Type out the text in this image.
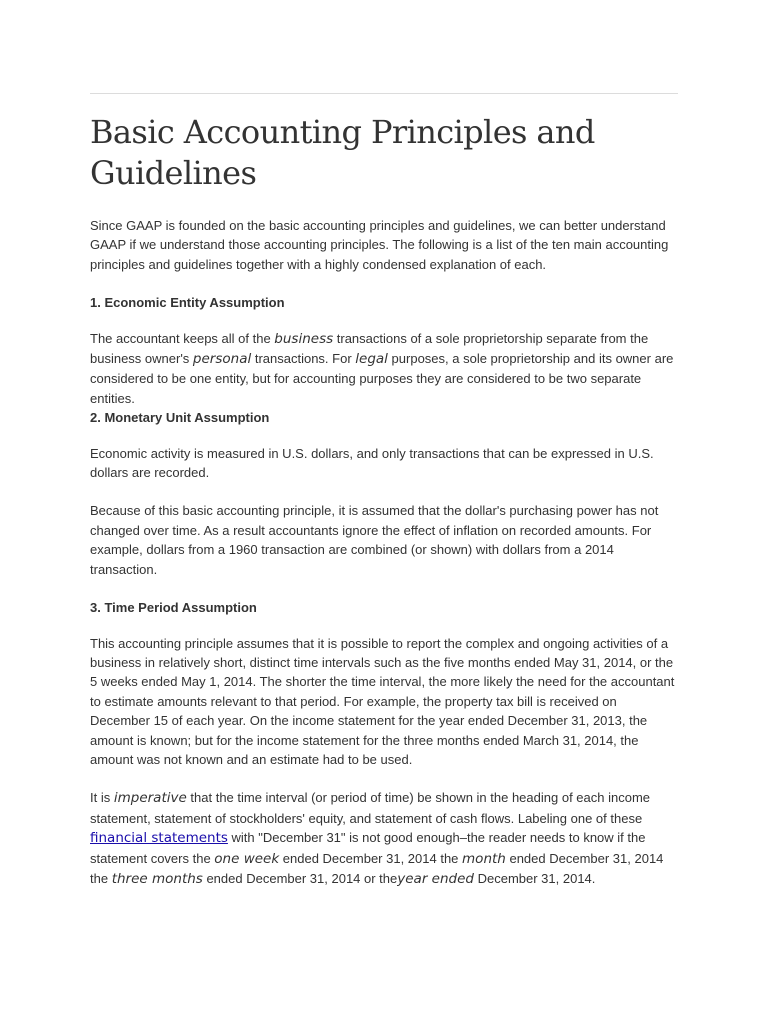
Basic Accounting Principles and Guidelines

Since GAAP is founded on the basic accounting principles and guidelines, we can better understand GAAP if we understand those accounting principles. The following is a list of the ten main accounting principles and guidelines together with a highly condensed explanation of each.

1. Economic Entity Assumption

The accountant keeps all of the business transactions of a sole proprietorship separate from the business owner's personal transactions. For legal purposes, a sole proprietorship and its owner are considered to be one entity, but for accounting purposes they are considered to be two separate entities.

2. Monetary Unit Assumption

Economic activity is measured in U.S. dollars, and only transactions that can be expressed in U.S. dollars are recorded.

Because of this basic accounting principle, it is assumed that the dollar's purchasing power has not changed over time. As a result accountants ignore the effect of inflation on recorded amounts. For example, dollars from a 1960 transaction are combined (or shown) with dollars from a 2014 transaction.

3. Time Period Assumption

This accounting principle assumes that it is possible to report the complex and ongoing activities of a business in relatively short, distinct time intervals such as the five months ended May 31, 2014, or the 5 weeks ended May 1, 2014. The shorter the time interval, the more likely the need for the accountant to estimate amounts relevant to that period. For example, the property tax bill is received on December 15 of each year. On the income statement for the year ended December 31, 2013, the amount is known; but for the income statement for the three months ended March 31, 2014, the amount was not known and an estimate had to be used.

It is imperative that the time interval (or period of time) be shown in the heading of each income statement, statement of stockholders' equity, and statement of cash flows. Labeling one of these financial statements with "December 31" is not good enough–the reader needs to know if the statement covers the one week ended December 31, 2014 the month ended December 31, 2014 the three months ended December 31, 2014 or theyear ended December 31, 2014.
